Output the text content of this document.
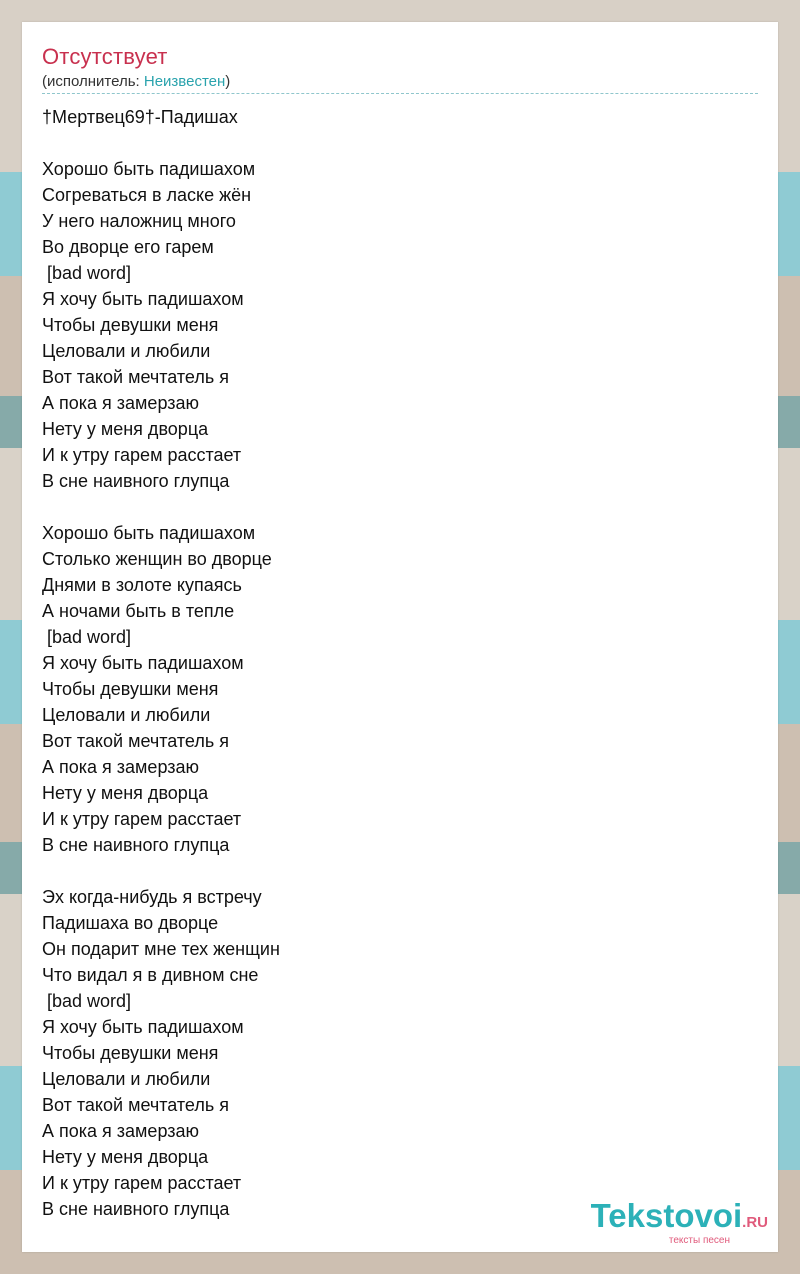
Отсутствует
(исполнитель: Неизвестен)
†Мертвец69†-Падишах
Хорошо быть падишахом
Согреваться в ласке жён
У него наложниц много
Во дворце его гарем
[bad word]
Я хочу быть падишахом
Чтобы девушки меня
Целовали и любили
Вот такой мечтатель я
А пока я замерзаю
Нету у меня дворца
И к утру гарем расстает
В сне наивного глупца
Хорошо быть падишахом
Столько женщин во дворце
Днями в золоте купаясь
А ночами быть в тепле
[bad word]
Я хочу быть падишахом
Чтобы девушки меня
Целовали и любили
Вот такой мечтатель я
А пока я замерзаю
Нету у меня дворца
И к утру гарем расстает
В сне наивного глупца
Эх когда-нибудь я встречу
Падишаха во дворце
Он подарит мне тех женщин
Что видал я в дивном сне
[bad word]
Я хочу быть падишахом
Чтобы девушки меня
Целовали и любили
Вот такой мечтатель я
А пока я замерзаю
Нету у меня дворца
И к утру гарем расстает
В сне наивного глупца	Tekstovoi.RU
тексты песен
